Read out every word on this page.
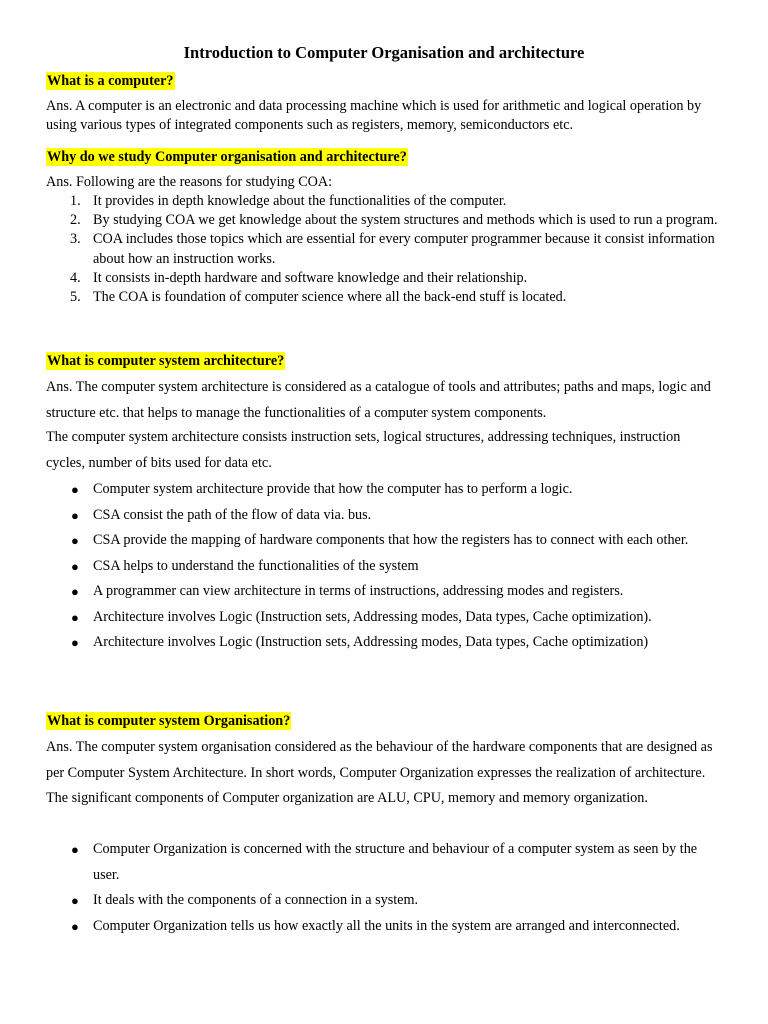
Introduction to Computer Organisation and architecture
What is a computer?
Ans. A computer is an electronic and data processing machine which is used for arithmetic and logical operation by using various types of integrated components such as registers, memory, semiconductors etc.
Why do we study Computer organisation and architecture?
Ans. Following are the reasons for studying COA:
1. It provides in depth knowledge about the functionalities of the computer.
2. By studying COA we get knowledge about the system structures and methods which is used to run a program.
3. COA includes those topics which are essential for every computer programmer because it consist information about how an instruction works.
4. It consists in-depth hardware and software knowledge and their relationship.
5. The COA is foundation of computer science where all the back-end stuff is located.
What is computer system architecture?
Ans. The computer system architecture is considered as a catalogue of tools and attributes; paths and maps, logic and structure etc. that helps to manage the functionalities of a computer system components.
The computer system architecture consists instruction sets, logical structures, addressing techniques, instruction cycles, number of bits used for data etc.
● Computer system architecture provide that how the computer has to perform a logic.
● CSA consist the path of the flow of data via. bus.
● CSA provide the mapping of hardware components that how the registers has to connect with each other.
● CSA helps to understand the functionalities of the system
● A programmer can view architecture in terms of instructions, addressing modes and registers.
● Architecture involves Logic (Instruction sets, Addressing modes, Data types, Cache optimization).
● Architecture involves Logic (Instruction sets, Addressing modes, Data types, Cache optimization)
What is computer system Organisation?
Ans. The computer system organisation considered as the behaviour of the hardware components that are designed as per Computer System Architecture. In short words, Computer Organization expresses the realization of architecture. The significant components of Computer organization are ALU, CPU, memory and memory organization.
● Computer Organization is concerned with the structure and behaviour of a computer system as seen by the user.
● It deals with the components of a connection in a system.
● Computer Organization tells us how exactly all the units in the system are arranged and interconnected.
